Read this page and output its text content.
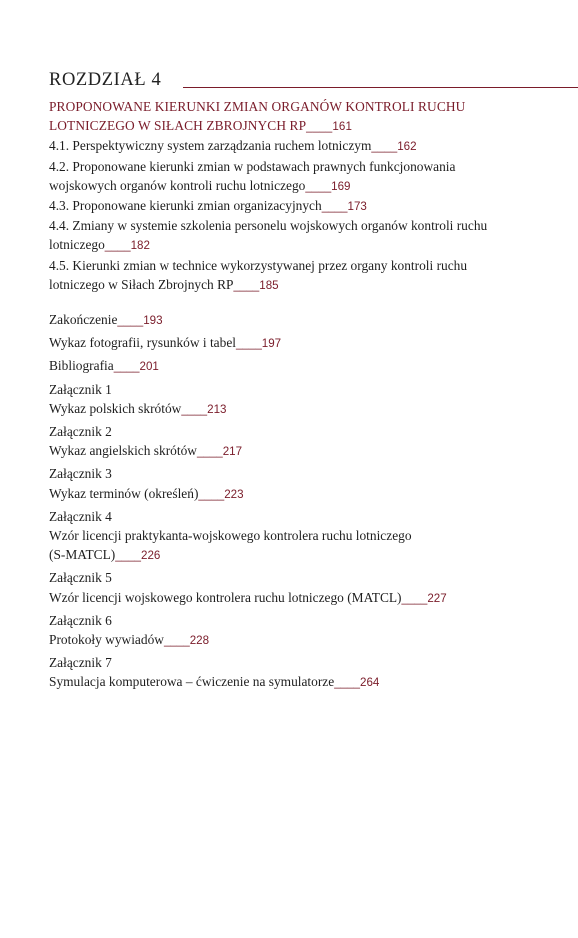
ROZDZIAŁ 4
PROPONOWANE KIERUNKI ZMIAN ORGANÓW KONTROLI RUCHU
LOTNICZEGO W SIŁACH ZBROJNYCH RP____161
4.1. Perspektywiczny system zarządzania ruchem lotniczym____162
4.2. Proponowane kierunki zmian w podstawach prawnych funkcjonowania
wojskowych organów kontroli ruchu lotniczego____169
4.3. Proponowane kierunki zmian organizacyjnych____173
4.4. Zmiany w systemie szkolenia personelu wojskowych organów kontroli ruchu
lotniczego____182
4.5. Kierunki zmian w technice wykorzystywanej przez organy kontroli ruchu
lotniczego w Siłach Zbrojnych RP____185
Zakończenie____193
Wykaz fotografii, rysunków i tabel____197
Bibliografia____201
Załącznik 1
Wykaz polskich skrótów____213
Załącznik 2
Wykaz angielskich skrótów____217
Załącznik 3
Wykaz terminów (określeń)____223
Załącznik 4
Wzór licencji praktykanta-wojskowego kontrolera ruchu lotniczego
(S-MATCL)____226
Załącznik 5
Wzór licencji wojskowego kontrolera ruchu lotniczego (MATCL)____227
Załącznik 6
Protokoły wywiadów____228
Załącznik 7
Symulacja komputerowa – ćwiczenie na symulatorze____264
